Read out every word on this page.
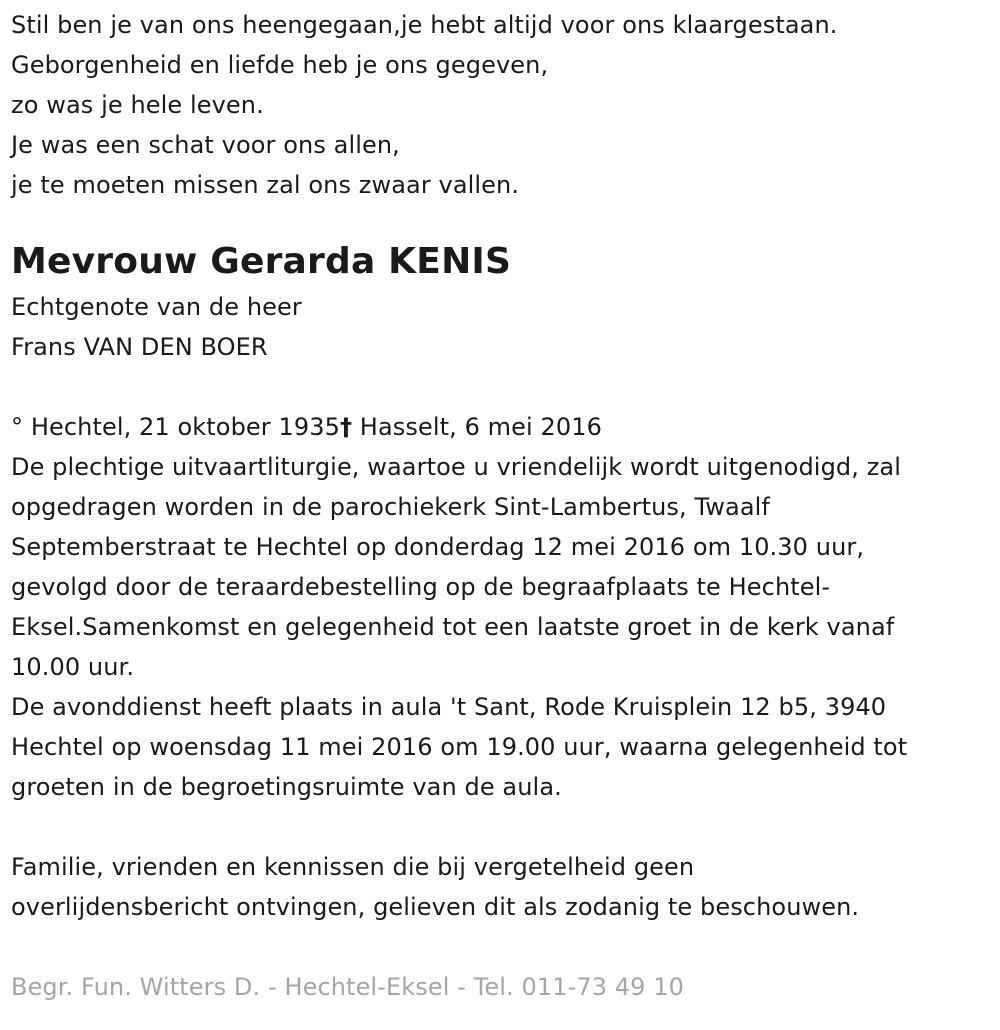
Stil ben je van ons heengegaan,je hebt altijd voor ons klaargestaan.
Geborgenheid en liefde heb je ons gegeven,
zo was je hele leven.
Je was een schat voor ons allen,
je te moeten missen zal ons zwaar vallen.
Mevrouw Gerarda KENIS
Echtgenote van de heer
Frans VAN DEN BOER
° Hechtel, 21 oktober 1935† Hasselt, 6 mei 2016
De plechtige uitvaartliturgie, waartoe u vriendelijk wordt uitgenodigd, zal
opgedragen worden in de parochiekerk Sint-Lambertus, Twaalf
Septemberstraat te Hechtel op donderdag 12 mei 2016 om 10.30 uur,
gevolgd door de teraardebestelling op de begraafplaats te Hechtel-
Eksel.Samenkomst en gelegenheid tot een laatste groet in de kerk vanaf
10.00 uur.
De avonddienst heeft plaats in aula 't Sant, Rode Kruisplein 12 b5, 3940
Hechtel op woensdag 11 mei 2016 om 19.00 uur, waarna gelegenheid tot
groeten in de begroetingsruimte van de aula.
Familie, vrienden en kennissen die bij vergetelheid geen
overlijdensbericht ontvingen, gelieven dit als zodanig te beschouwen.
Begr. Fun. Witters D. - Hechtel-Eksel - Tel. 011-73 49 10
